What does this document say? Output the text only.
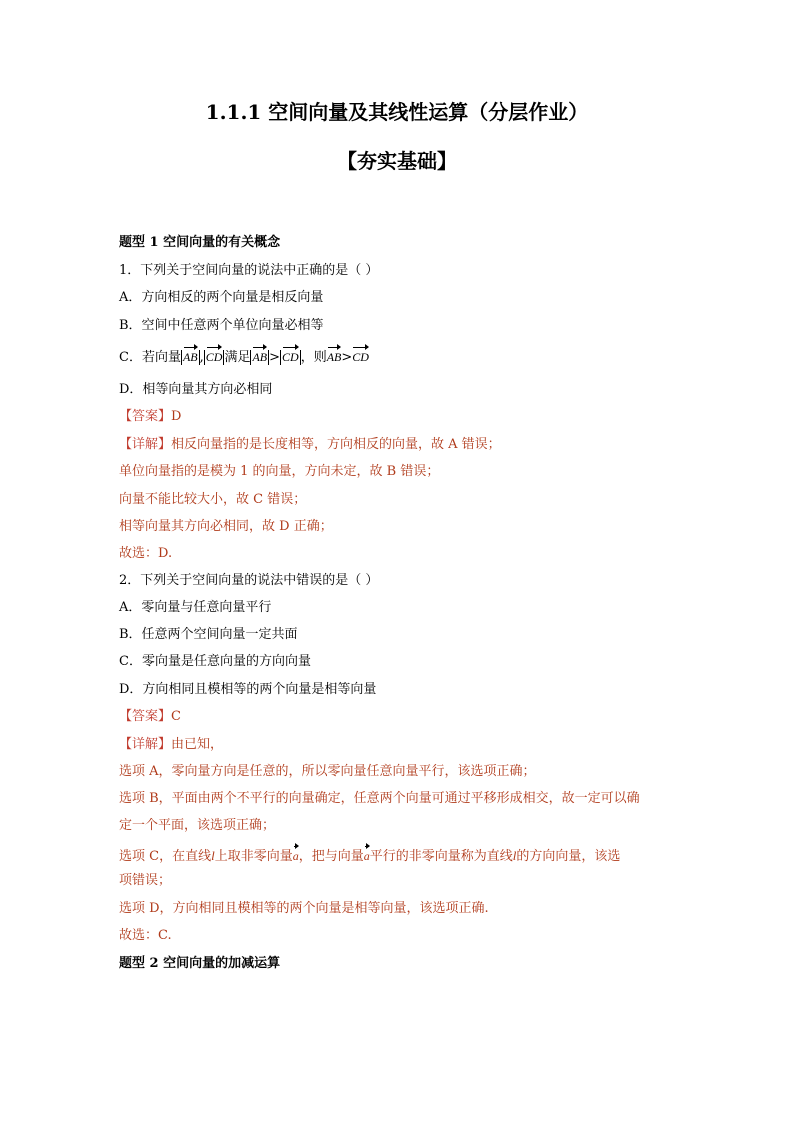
1.1.1 空间向量及其线性运算（分层作业）
【夯实基础】
题型 1 空间向量的有关概念
1．下列关于空间向量的说法中正确的是（ ）
A．方向相反的两个向量是相反向量
B．空间中任意两个单位向量必相等
C．若向量 AB , CD 满足 AB > CD ，则AB>CD
D．相等向量其方向必相同
【答案】D
【详解】相反向量指的是长度相等，方向相反的向量，故 A 错误；
单位向量指的是模为 1 的向量，方向未定，故 B 错误；
向量不能比较大小，故 C 错误；
相等向量其方向必相同，故 D 正确；
故选：D.
2．下列关于空间向量的说法中错误的是（ ）
A．零向量与任意向量平行
B．任意两个空间向量一定共面
C．零向量是任意向量的方向向量
D．方向相同且模相等的两个向量是相等向量
【答案】C
【详解】由已知，
选项 A，零向量方向是任意的，所以零向量任意向量平行，该选项正确；
选项 B，平面由两个不平行的向量确定，任意两个向量可通过平移形成相交，故一定可以确
定一个平面，该选项正确；
选项 C，在直线l上取非零向量a，把与向量a平行的非零向量称为直线l的方向向量，该选
项错误；
选项 D，方向相同且模相等的两个向量是相等向量，该选项正确.
故选：C.
题型 2 空间向量的加减运算
